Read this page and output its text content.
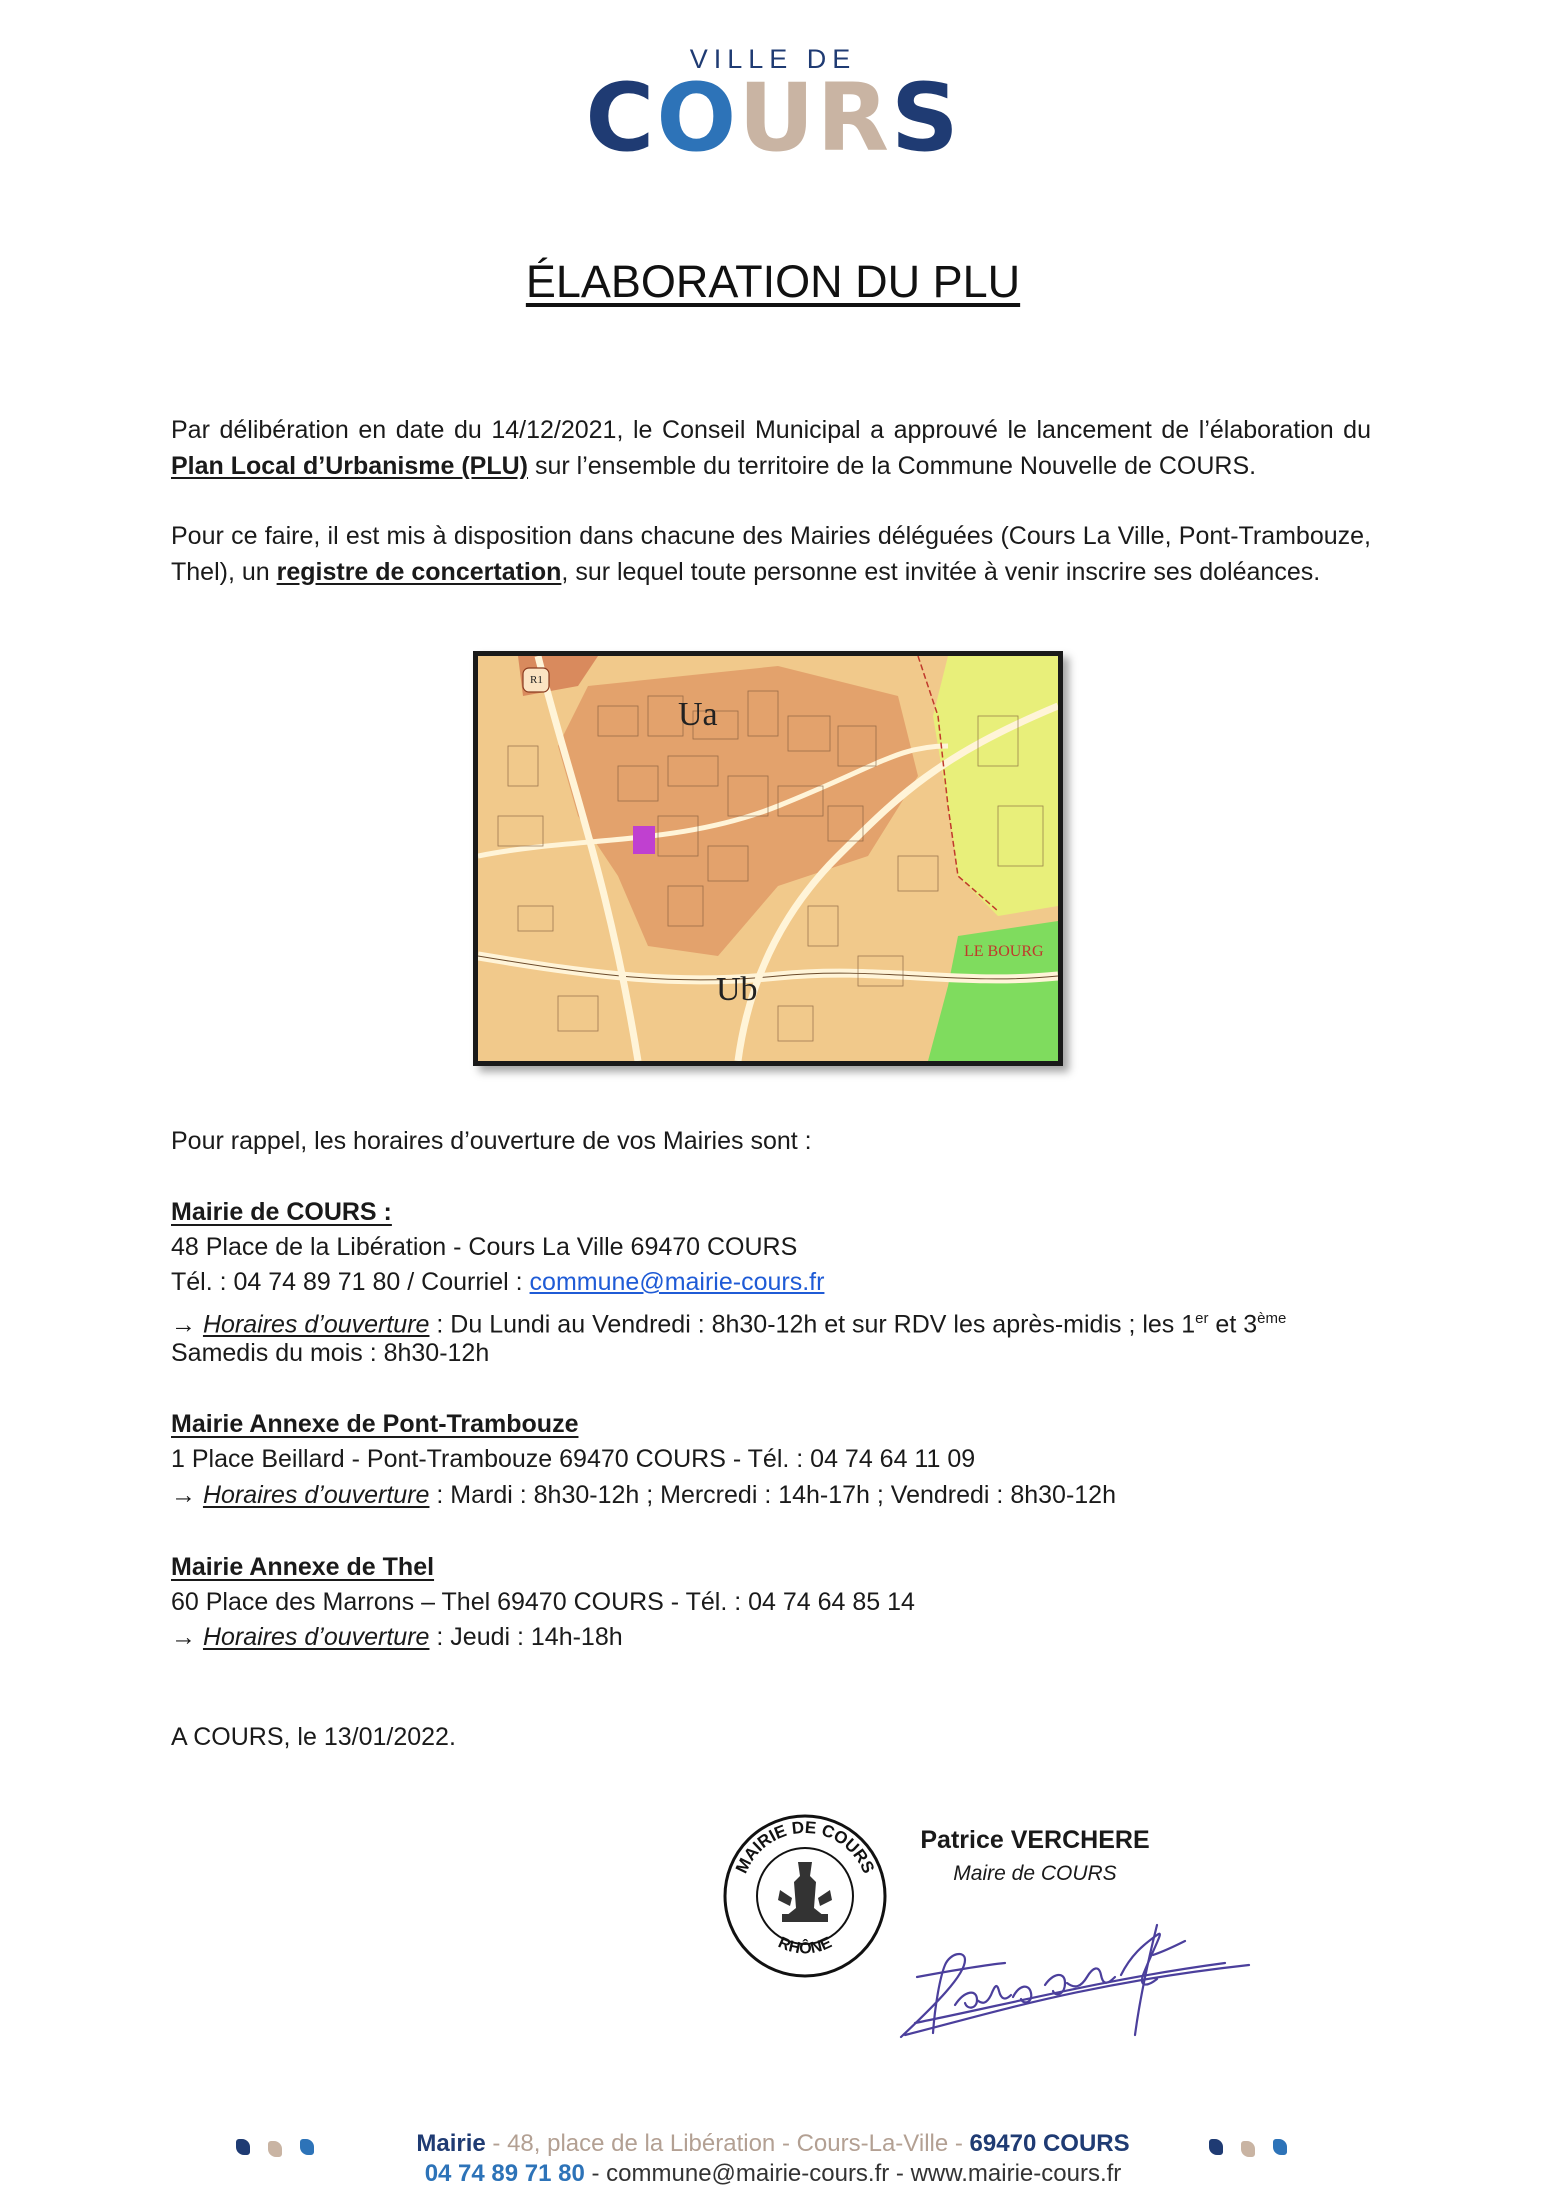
VILLE DE
COURS
ÉLABORATION DU PLU
Par délibération en date du 14/12/2021, le Conseil Municipal a approuvé le lancement de l’élaboration du Plan Local d’Urbanisme (PLU) sur l’ensemble du territoire de la Commune Nouvelle de COURS.
Pour ce faire, il est mis à disposition dans chacune des Mairies déléguées (Cours La Ville, Pont-Trambouze, Thel), un registre de concertation, sur lequel toute personne est invitée à venir inscrire ses doléances.
R1
Ua
Ub
LE BOURG
Pour rappel, les horaires d’ouverture de vos Mairies sont :
Mairie de COURS :
48 Place de la Libération - Cours La Ville 69470 COURS
Tél. : 04 74 89 71 80 / Courriel : commune@mairie-cours.fr
→ Horaires d’ouverture : Du Lundi au Vendredi : 8h30-12h et sur RDV les après-midis ; les 1er et 3ème
Samedis du mois : 8h30-12h
Mairie Annexe de Pont-Trambouze
1 Place Beillard - Pont-Trambouze 69470 COURS - Tél. : 04 74 64 11 09
→ Horaires d’ouverture : Mardi : 8h30-12h ; Mercredi : 14h-17h ; Vendredi : 8h30-12h
Mairie Annexe de Thel
60 Place des Marrons – Thel 69470 COURS - Tél. : 04 74 64 85 14
→ Horaires d’ouverture : Jeudi : 14h-18h
A COURS, le 13/01/2022.
MAIRIE DE COURS
RHÔNE
Patrice VERCHERE
Maire de COURS
Mairie - 48, place de la Libération - Cours-La-Ville - 69470 COURS
04 74 89 71 80 - commune@mairie-cours.fr - www.mairie-cours.fr
